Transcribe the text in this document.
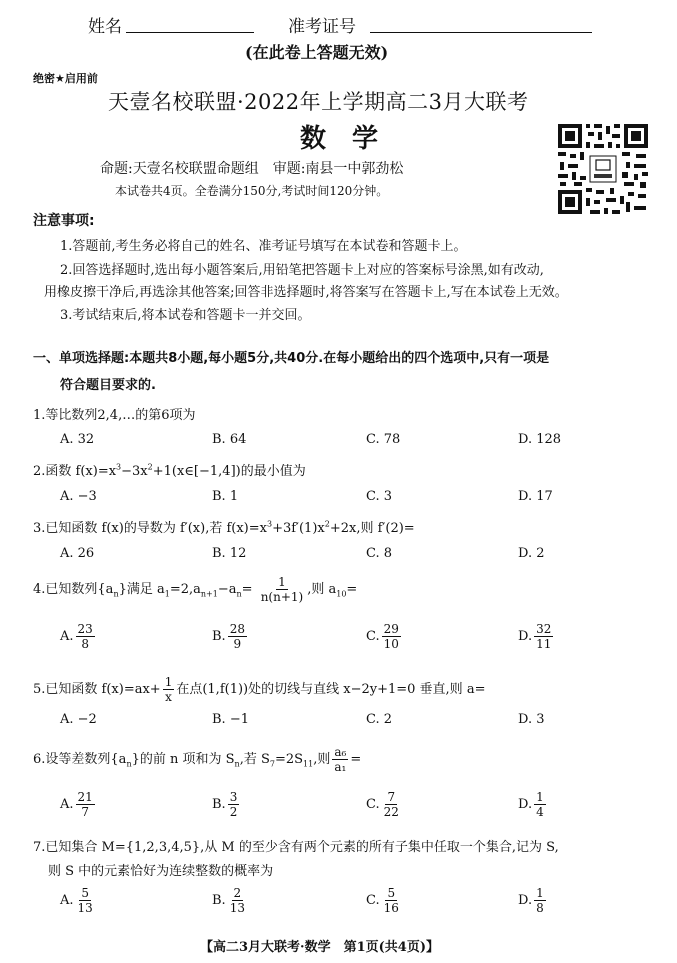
姓名	准考证号
(在此卷上答题无效)
绝密★启用前
天壹名校联盟·2022年上学期高二3月大联考
数　学
命题:天壹名校联盟命题组　审题:南县一中郭劲松
本试卷共4页。全卷满分150分,考试时间120分钟。
注意事项:
1.答题前,考生务必将自己的姓名、准考证号填写在本试卷和答题卡上。
2.回答选择题时,选出每小题答案后,用铅笔把答题卡上对应的答案标号涂黑,如有改动,
用橡皮擦干净后,再选涂其他答案;回答非选择题时,将答案写在答题卡上,写在本试卷上无效。
3.考试结束后,将本试卷和答题卡一并交回。
一、单项选择题:本题共8小题,每小题5分,共40分.在每小题给出的四个选项中,只有一项是
符合题目要求的.
1.等比数列2,4,…的第6项为
A. 32	B. 64	C. 78	D. 128
2.函数 $f(x)=x^3-3x^2+1(x\in[-1,4])$的最小值为
A. −3	B. 1	C. 3	D. 17
3.已知函数 f(x)的导数为 f′(x),若 $f(x)=x^3+3f'(1)x^2+2x$,则 f′(2)=
A. 26	B. 12	C. 8	D. 2
4.已知数列$\{a_n\}$满足 $a_1=2,a_{n+1}-a_n= \frac{1}{n(n+1)}$ ,则 $a_{10}=$
A. $\frac{23}{8}$	B. $\frac{28}{9}$	C. $\frac{29}{10}$	D. $\frac{32}{11}$
5.已知函数 $f(x)=ax+ \frac{1}{x}$ 在点(1,f(1))处的切线与直线 x−2y+1=0 垂直,则 a=
A. −2	B. −1	C. 2	D. 3
6.设等差数列$\{a_n\}$的前 n 项和为 $S_n$,若 $S_7=2S_{11}$,则 $\frac{\text{a₆}}{\text{a₁}}$ =
A. $\frac{21}{7}$	B. $\frac{3}{2}$	C. $\frac{7}{22}$	D. $\frac{1}{4}$
7.已知集合 M={1,2,3,4,5},从 M 的至少含有两个元素的所有子集中任取一个集合,记为 S,
则 S 中的元素恰好为连续整数的概率为
A. $\frac{5}{13}$	B. $\frac{2}{13}$	C. $\frac{5}{16}$	D. $\frac{1}{8}$
【高二3月大联考·数学　第1页(共4页)】
